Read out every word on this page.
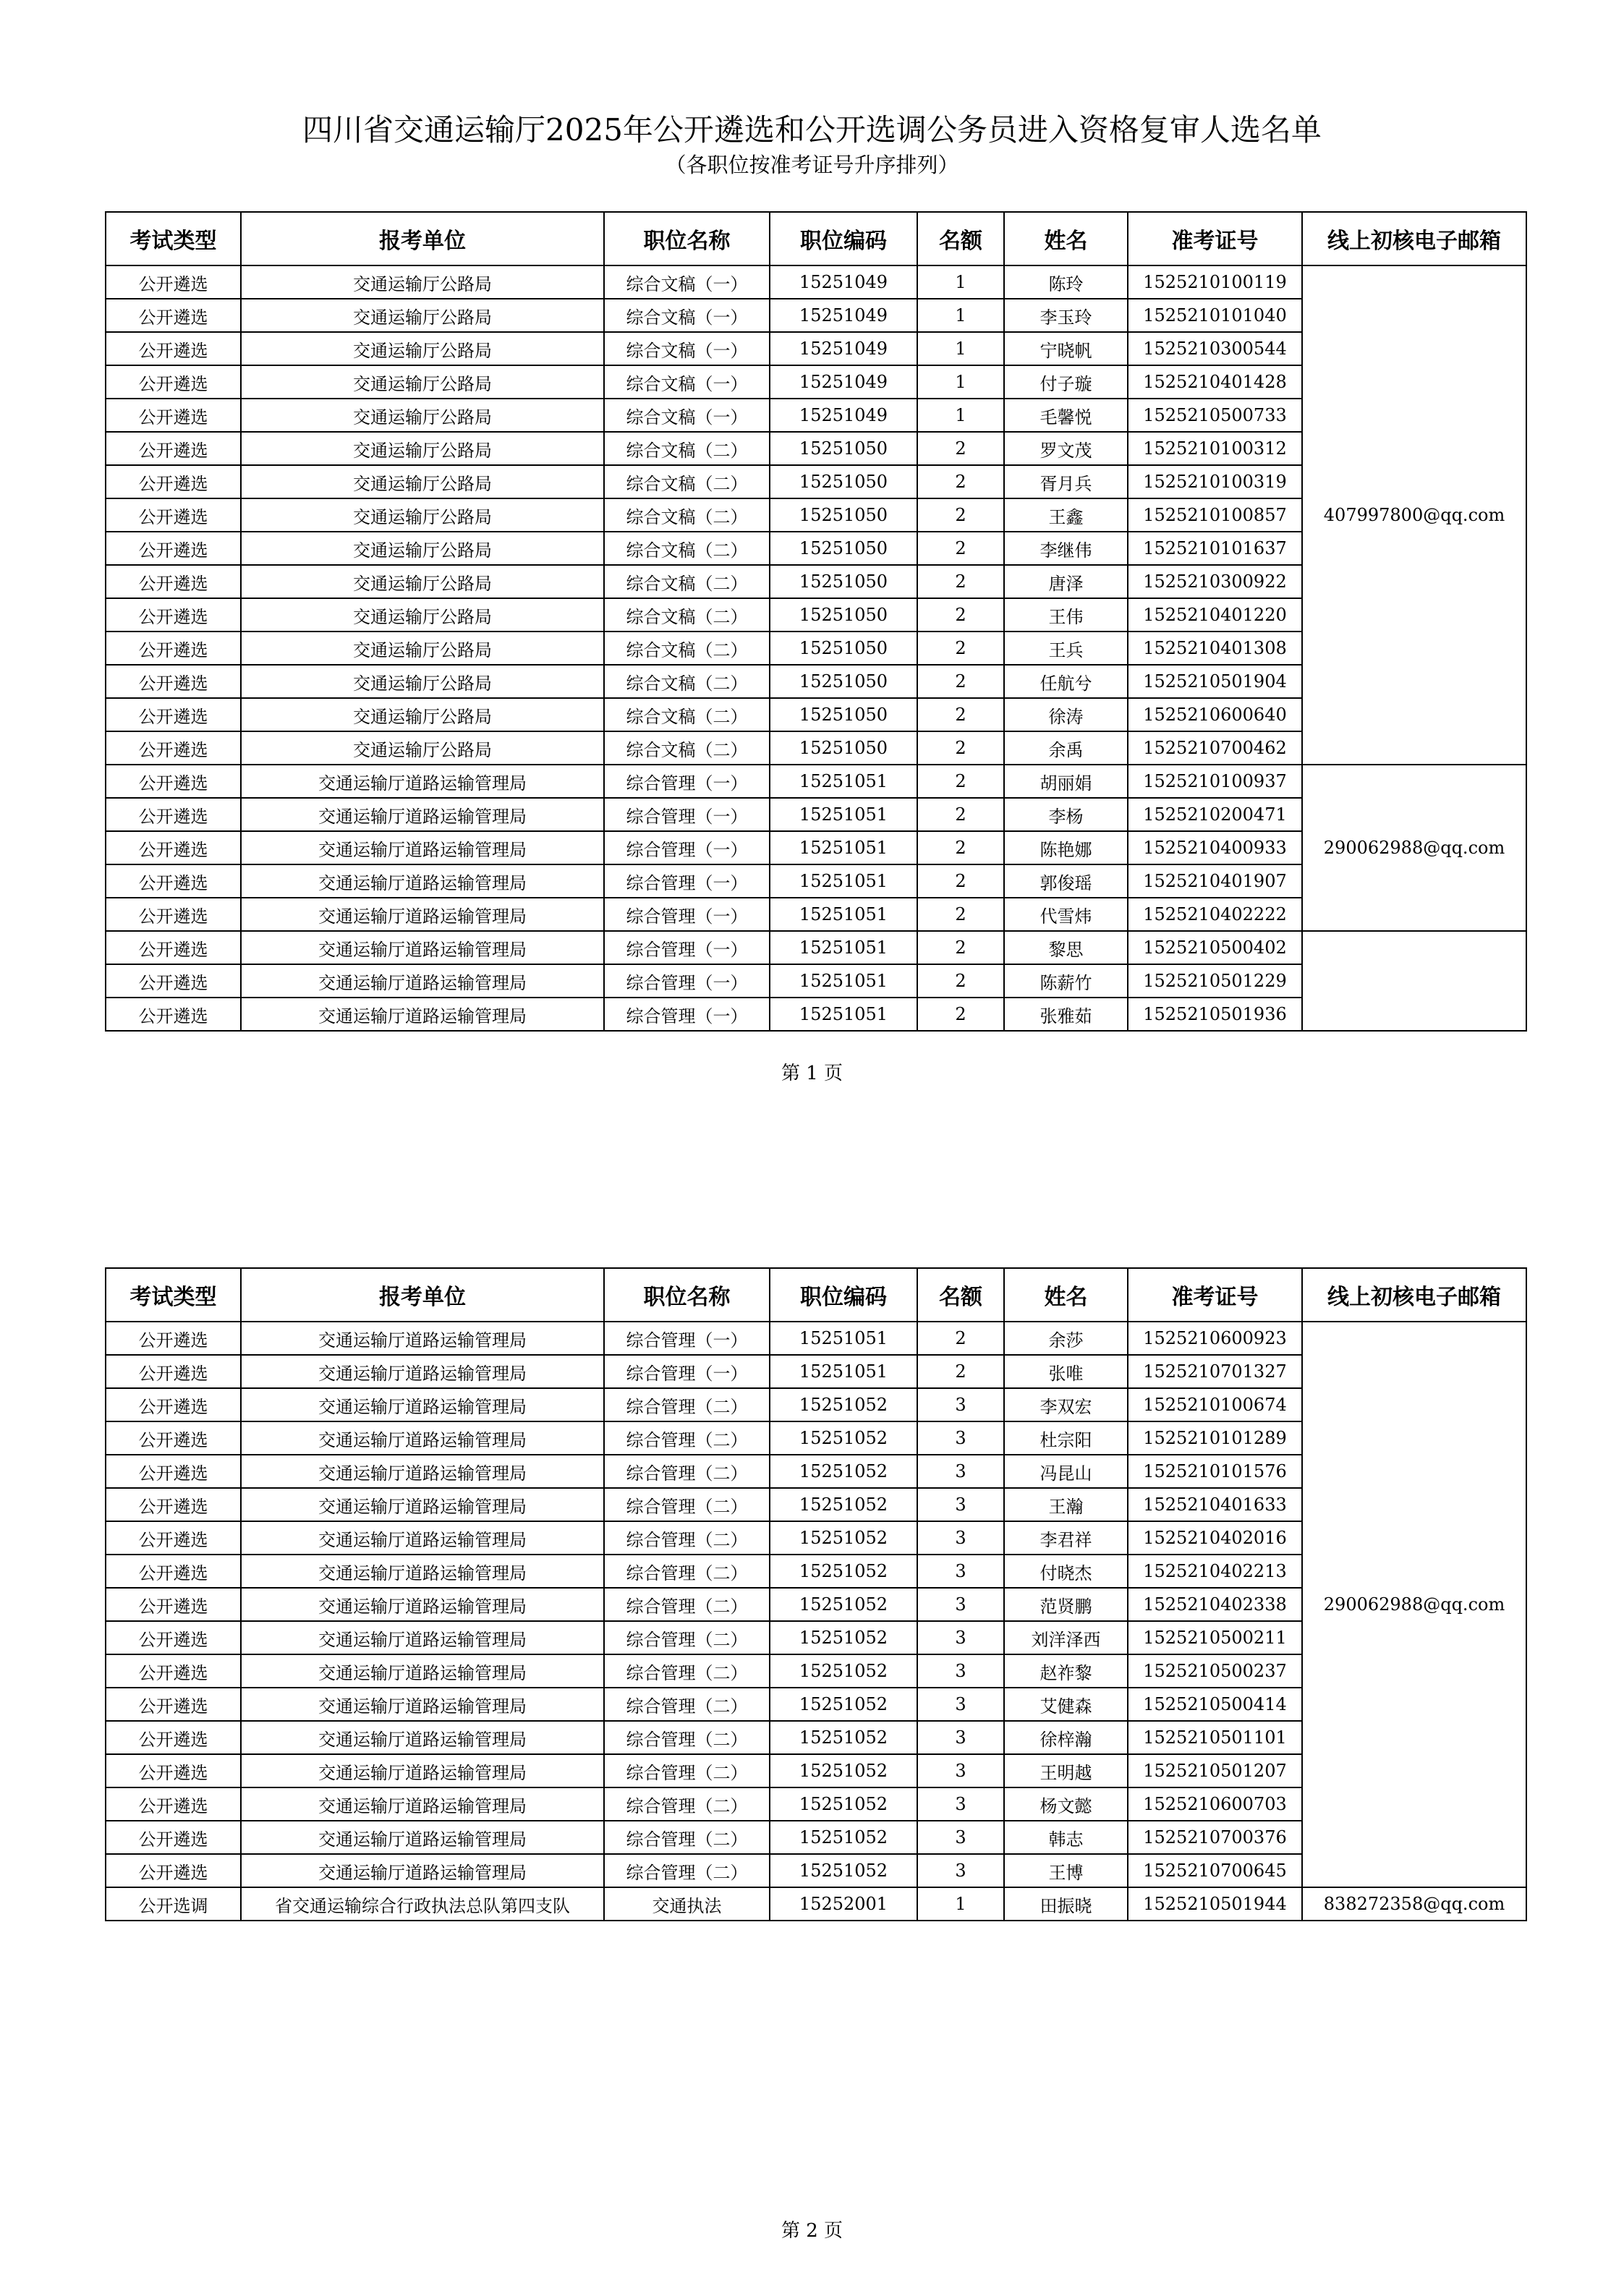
四川省交通运输厅2025年公开遴选和公开选调公务员进入资格复审人选名单
（各职位按准考证号升序排列）
考试类型	报考单位	职位名称	职位编码	名额	姓名	准考证号	线上初核电子邮箱
公开遴选	交通运输厅公路局	综合文稿（一）	15251049	1	陈玲	1525210100119	407997800@qq.com
公开遴选	交通运输厅公路局	综合文稿（一）	15251049	1	李玉玲	1525210101040	
公开遴选	交通运输厅公路局	综合文稿（一）	15251049	1	宁晓帆	1525210300544	
公开遴选	交通运输厅公路局	综合文稿（一）	15251049	1	付子璇	1525210401428	
公开遴选	交通运输厅公路局	综合文稿（一）	15251049	1	毛馨悦	1525210500733	
公开遴选	交通运输厅公路局	综合文稿（二）	15251050	2	罗文茂	1525210100312	
公开遴选	交通运输厅公路局	综合文稿（二）	15251050	2	胥月兵	1525210100319	
公开遴选	交通运输厅公路局	综合文稿（二）	15251050	2	王鑫	1525210100857	
公开遴选	交通运输厅公路局	综合文稿（二）	15251050	2	李继伟	1525210101637	
公开遴选	交通运输厅公路局	综合文稿（二）	15251050	2	唐泽	1525210300922	
公开遴选	交通运输厅公路局	综合文稿（二）	15251050	2	王伟	1525210401220	
公开遴选	交通运输厅公路局	综合文稿（二）	15251050	2	王兵	1525210401308	
公开遴选	交通运输厅公路局	综合文稿（二）	15251050	2	任航兮	1525210501904	
公开遴选	交通运输厅公路局	综合文稿（二）	15251050	2	徐涛	1525210600640	
公开遴选	交通运输厅公路局	综合文稿（二）	15251050	2	余禹	1525210700462	
公开遴选	交通运输厅道路运输管理局	综合管理（一）	15251051	2	胡丽娟	1525210100937	290062988@qq.com
公开遴选	交通运输厅道路运输管理局	综合管理（一）	15251051	2	李杨	1525210200471	
公开遴选	交通运输厅道路运输管理局	综合管理（一）	15251051	2	陈艳娜	1525210400933	
公开遴选	交通运输厅道路运输管理局	综合管理（一）	15251051	2	郭俊瑶	1525210401907	
公开遴选	交通运输厅道路运输管理局	综合管理（一）	15251051	2	代雪炜	1525210402222	
公开遴选	交通运输厅道路运输管理局	综合管理（一）	15251051	2	黎思	1525210500402	
公开遴选	交通运输厅道路运输管理局	综合管理（一）	15251051	2	陈薪竹	1525210501229	
公开遴选	交通运输厅道路运输管理局	综合管理（一）	15251051	2	张雅茹	1525210501936	
第 1 页
考试类型	报考单位	职位名称	职位编码	名额	姓名	准考证号	线上初核电子邮箱
公开遴选	交通运输厅道路运输管理局	综合管理（一）	15251051	2	余莎	1525210600923	290062988@qq.com
公开遴选	交通运输厅道路运输管理局	综合管理（一）	15251051	2	张唯	1525210701327	
公开遴选	交通运输厅道路运输管理局	综合管理（二）	15251052	3	李双宏	1525210100674	
公开遴选	交通运输厅道路运输管理局	综合管理（二）	15251052	3	杜宗阳	1525210101289	
公开遴选	交通运输厅道路运输管理局	综合管理（二）	15251052	3	冯昆山	1525210101576	
公开遴选	交通运输厅道路运输管理局	综合管理（二）	15251052	3	王瀚	1525210401633	
公开遴选	交通运输厅道路运输管理局	综合管理（二）	15251052	3	李君祥	1525210402016	
公开遴选	交通运输厅道路运输管理局	综合管理（二）	15251052	3	付晓杰	1525210402213	
公开遴选	交通运输厅道路运输管理局	综合管理（二）	15251052	3	范贤鹏	1525210402338	
公开遴选	交通运输厅道路运输管理局	综合管理（二）	15251052	3	刘洋泽西	1525210500211	
公开遴选	交通运输厅道路运输管理局	综合管理（二）	15251052	3	赵祚黎	1525210500237	
公开遴选	交通运输厅道路运输管理局	综合管理（二）	15251052	3	艾健森	1525210500414	
公开遴选	交通运输厅道路运输管理局	综合管理（二）	15251052	3	徐梓瀚	1525210501101	
公开遴选	交通运输厅道路运输管理局	综合管理（二）	15251052	3	王明越	1525210501207	
公开遴选	交通运输厅道路运输管理局	综合管理（二）	15251052	3	杨文懿	1525210600703	
公开遴选	交通运输厅道路运输管理局	综合管理（二）	15251052	3	韩志	1525210700376	
公开遴选	交通运输厅道路运输管理局	综合管理（二）	15251052	3	王博	1525210700645	
公开选调	省交通运输综合行政执法总队第四支队	交通执法	15252001	1	田振晓	1525210501944	838272358@qq.com
第 2 页
